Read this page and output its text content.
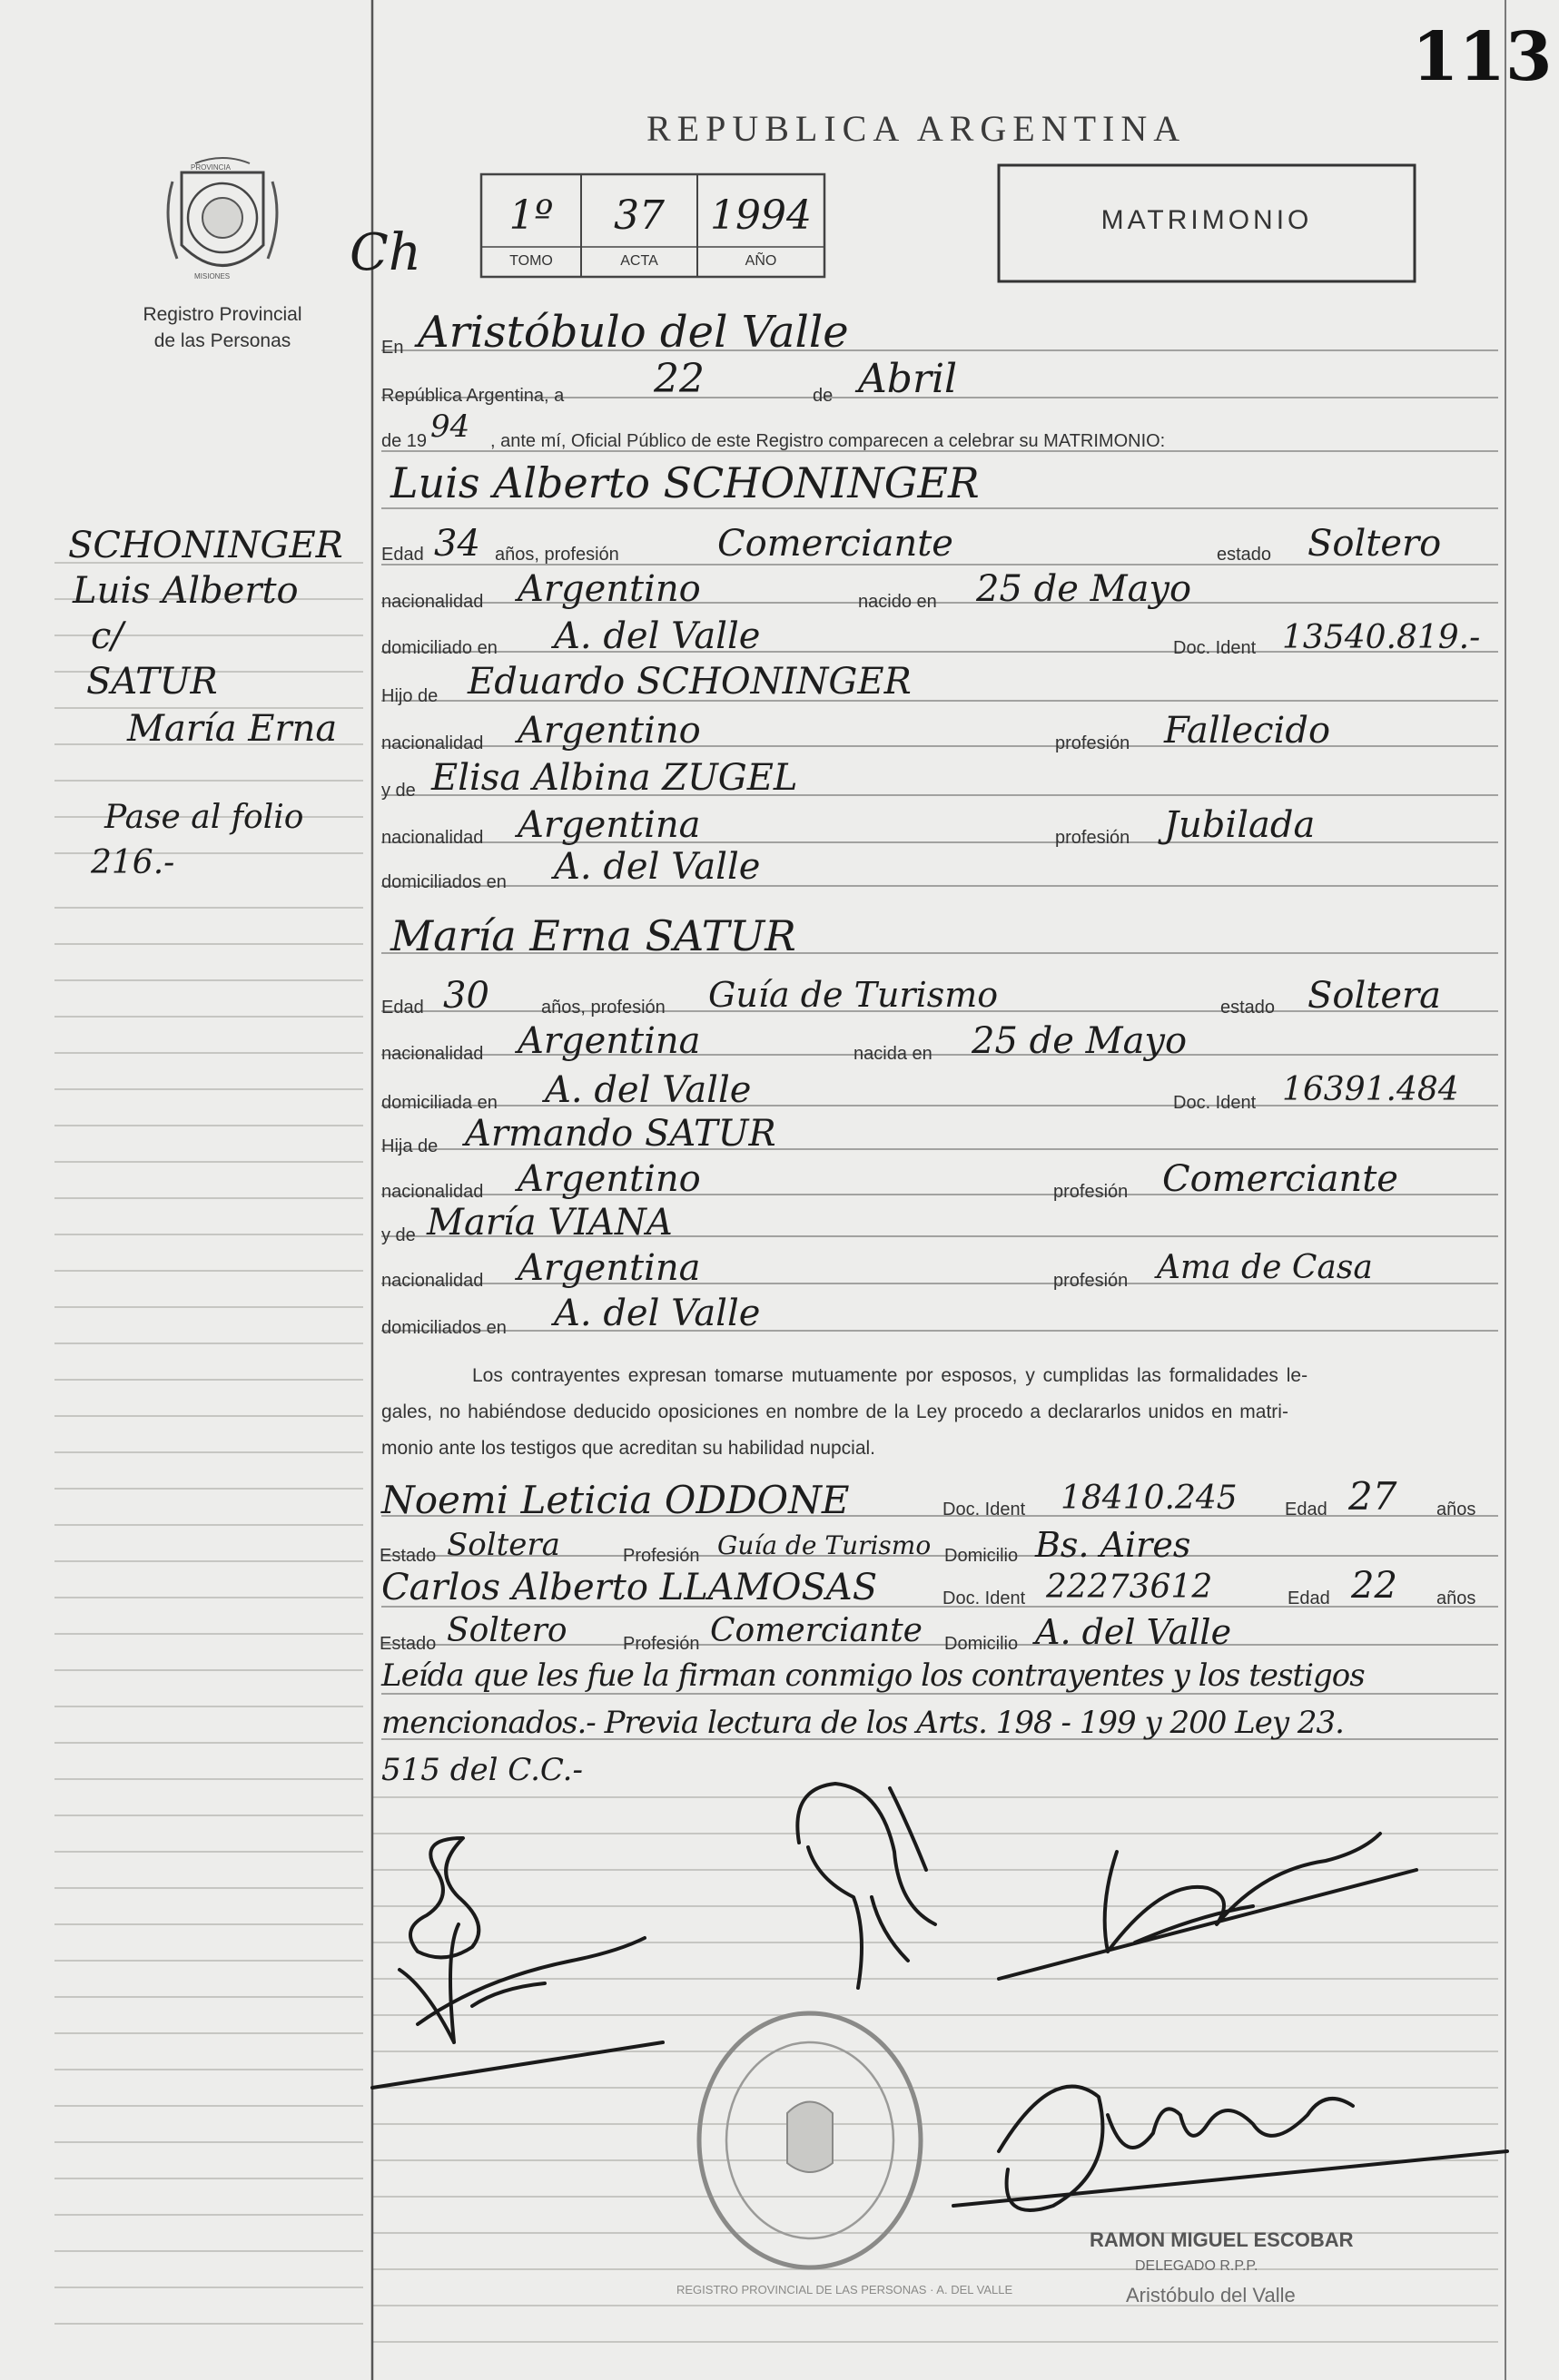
113
REPUBLICA ARGENTINA
MATRIMONIO
PROVINCIA
MISIONES
Registro Provincial
de las Personas
Ch
1º	37	1994
TOMO	ACTA	AÑO
En Aristóbulo del Valle
República Argentina, a 22	de Abril
de 19 94 , ante mí, Oficial Público de este Registro comparecen a celebrar su MATRIMONIO:
SCHONINGER
Luis Alberto
c/
SATUR
María Erna
Pase al folio
216.-
Luis Alberto SCHONINGER
Edad 34 años, profesión	Comerciante	estado Soltero
nacionalidad Argentino	nacido en 25 de Mayo
domiciliado en A. del Valle	Doc. Ident 13540.819.-
Hijo de Eduardo SCHONINGER
nacionalidad Argentino	profesión Fallecido
y de Elisa Albina ZUGEL
nacionalidad Argentina	profesión Jubilada
domiciliados en A. del Valle
María Erna SATUR
Edad 30	años, profesión Guía de Turismo	estado Soltera
nacionalidad Argentina	nacida en 25 de Mayo
domiciliada en A. del Valle	Doc. Ident 16391.484
Hija de Armando SATUR
nacionalidad Argentino	profesión Comerciante
y de María VIANA
nacionalidad Argentina	profesión Ama de Casa
domiciliados en A. del Valle
Los contrayentes expresan tomarse mutuamente por esposos, y cumplidas las formalidades le-
gales, no habiéndose deducido oposiciones en nombre de la Ley procedo a declararlos unidos en matri-
monio ante los testigos que acreditan su habilidad nupcial.
Noemi Leticia ODDONE	Doc. Ident 18410.245	Edad 27 años
Estado Soltera	Profesión Guía de Turismo Domicilio Bs. Aires
Carlos Alberto LLAMOSAS	Doc. Ident 22273612	Edad 22 años
Estado Soltero	Profesión Comerciante Domicilio A. del Valle
Leída que les fue la firman conmigo los contrayentes y los testigos
mencionados.- Previa lectura de los Arts. 198 - 199 y 200 Ley 23.
515 del C.C.-
REGISTRO PROVINCIAL DE LAS PERSONAS · A. DEL VALLE
RAMON MIGUEL ESCOBAR
DELEGADO R.P.P.
Aristóbulo del Valle
